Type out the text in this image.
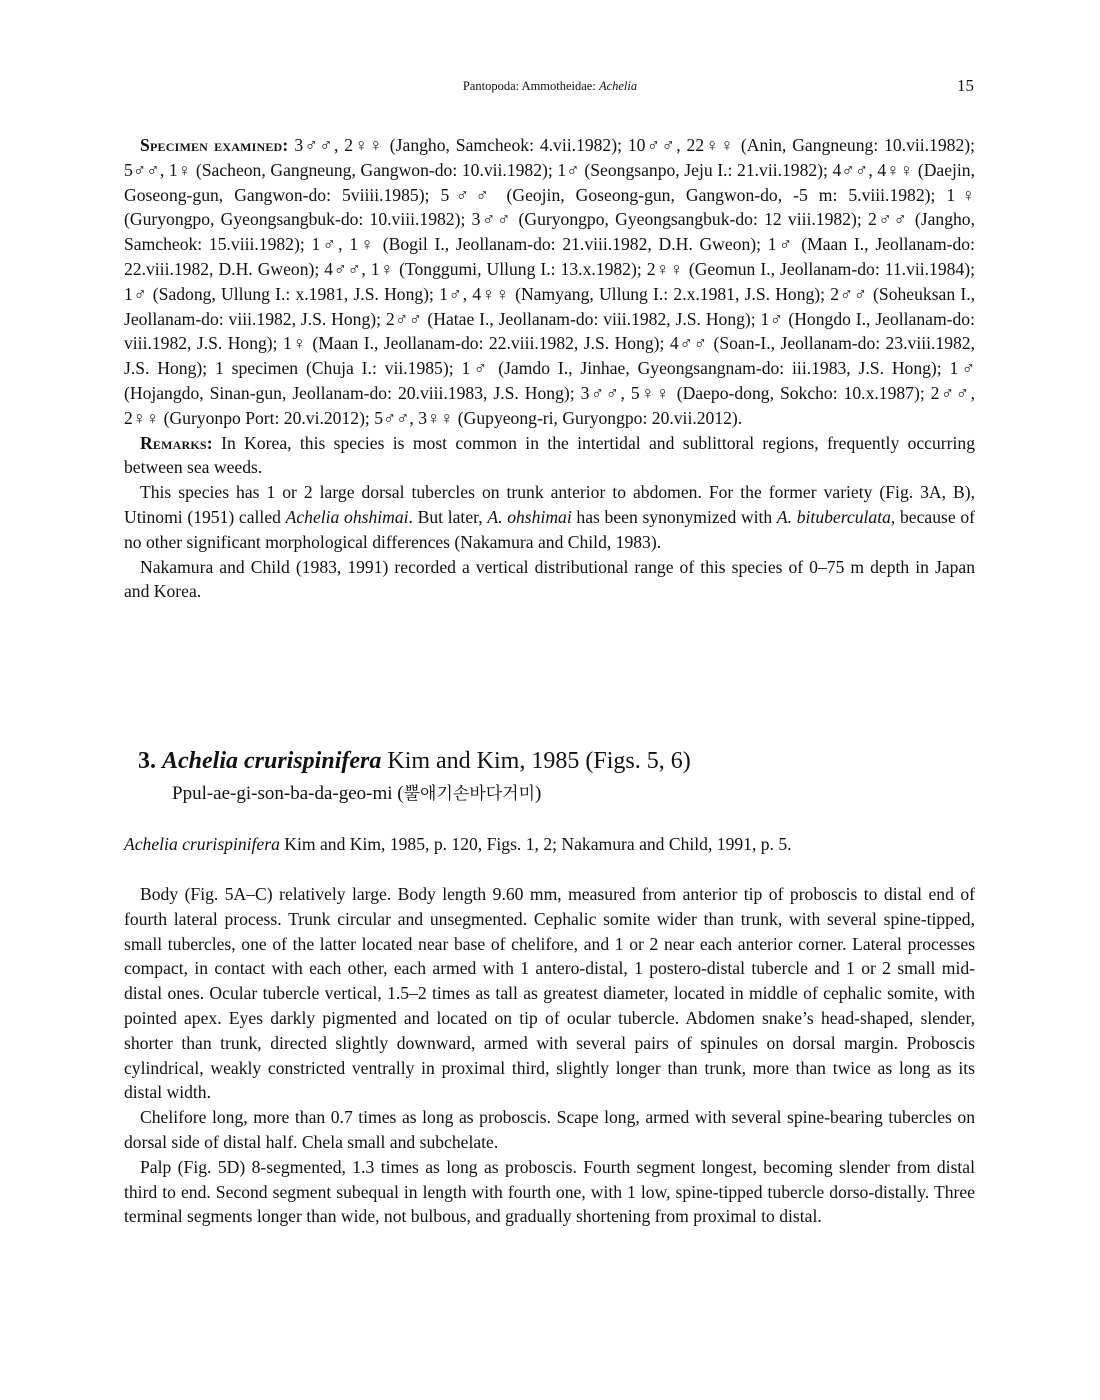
Pantopoda: Ammotheidae: Achelia	15

Specimen examined: 3♂♂, 2♀♀ (Jangho, Samcheok: 4.vii.1982); 10♂♂, 22♀♀ (Anin, Gangneung: 10.vii.1982); 5♂♂, 1♀ (Sacheon, Gangneung, Gangwon-do: 10.vii.1982); 1♂ (Seongsanpo, Jeju I.: 21.vii.1982); 4♂♂, 4♀♀ (Daejin, Goseong-gun, Gangwon-do: 5viiii.1985); 5♂♂ (Geojin, Goseong-gun, Gangwon-do, -5 m: 5.viii.1982); 1♀ (Guryongpo, Gyeongsangbuk-do: 10.viii.1982); 3♂♂ (Guryongpo, Gyeongsangbuk-do: 12 viii.1982); 2♂♂ (Jangho, Samcheok: 15.viii.1982); 1♂, 1♀ (Bogil I., Jeollanam-do: 21.viii.1982, D.H. Gweon); 1♂ (Maan I., Jeollanam-do: 22.viii.1982, D.H. Gweon); 4♂♂, 1♀ (Tonggumi, Ullung I.: 13.x.1982); 2♀♀ (Geomun I., Jeollanam-do: 11.vii.1984); 1♂ (Sadong, Ullung I.: x.1981, J.S. Hong); 1♂, 4♀♀ (Namyang, Ullung I.: 2.x.1981, J.S. Hong); 2♂♂ (Soheuksan I., Jeollanam-do: viii.1982, J.S. Hong); 2♂♂ (Hatae I., Jeollanam-do: viii.1982, J.S. Hong); 1♂ (Hongdo I., Jeollanam-do: viii.1982, J.S. Hong); 1♀ (Maan I., Jeollanam-do: 22.viii.1982, J.S. Hong); 4♂♂ (Soan-I., Jeollanam-do: 23.viii.1982, J.S. Hong); 1 specimen (Chuja I.: vii.1985); 1♂ (Jamdo I., Jinhae, Gyeongsangnam-do: iii.1983, J.S. Hong); 1♂ (Hojangdo, Sinan-gun, Jeollanam-do: 20.viii.1983, J.S. Hong); 3♂♂, 5♀♀ (Daepo-dong, Sokcho: 10.x.1987); 2♂♂, 2♀♀ (Guryonpo Port: 20.vi.2012); 5♂♂, 3♀♀ (Gupyeong-ri, Guryongpo: 20.vii.2012).

Remarks: In Korea, this species is most common in the intertidal and sublittoral regions, frequently occurring between sea weeds.

This species has 1 or 2 large dorsal tubercles on trunk anterior to abdomen. For the former variety (Fig. 3A, B), Utinomi (1951) called Achelia ohshimai. But later, A. ohshimai has been synonymized with A. bituberculata, because of no other significant morphological differences (Nakamura and Child, 1983).

Nakamura and Child (1983, 1991) recorded a vertical distributional range of this species of 0–75 m depth in Japan and Korea.

3. Achelia crurispinifera Kim and Kim, 1985 (Figs. 5, 6)
Ppul-ae-gi-son-ba-da-geo-mi (뿔애기손바다거미)
Achelia crurispinifera Kim and Kim, 1985, p. 120, Figs. 1, 2; Nakamura and Child, 1991, p. 5.

Body (Fig. 5A–C) relatively large. Body length 9.60 mm, measured from anterior tip of proboscis to distal end of fourth lateral process. Trunk circular and unsegmented. Cephalic somite wider than trunk, with several spine-tipped, small tubercles, one of the latter located near base of chelifore, and 1 or 2 near each anterior corner. Lateral processes compact, in contact with each other, each armed with 1 antero-distal, 1 postero-distal tubercle and 1 or 2 small mid-distal ones. Ocular tubercle vertical, 1.5–2 times as tall as greatest diameter, located in middle of cephalic somite, with pointed apex. Eyes darkly pigmented and located on tip of ocular tubercle. Abdomen snake’s head-shaped, slender, shorter than trunk, directed slightly downward, armed with several pairs of spinules on dorsal margin. Proboscis cylindrical, weakly constricted ventrally in proximal third, slightly longer than trunk, more than twice as long as its distal width.

Chelifore long, more than 0.7 times as long as proboscis. Scape long, armed with several spine-bearing tubercles on dorsal side of distal half. Chela small and subchelate.

Palp (Fig. 5D) 8-segmented, 1.3 times as long as proboscis. Fourth segment longest, becoming slender from distal third to end. Second segment subequal in length with fourth one, with 1 low, spine-tipped tubercle dorso-distally. Three terminal segments longer than wide, not bulbous, and gradually shortening from proximal to distal.
